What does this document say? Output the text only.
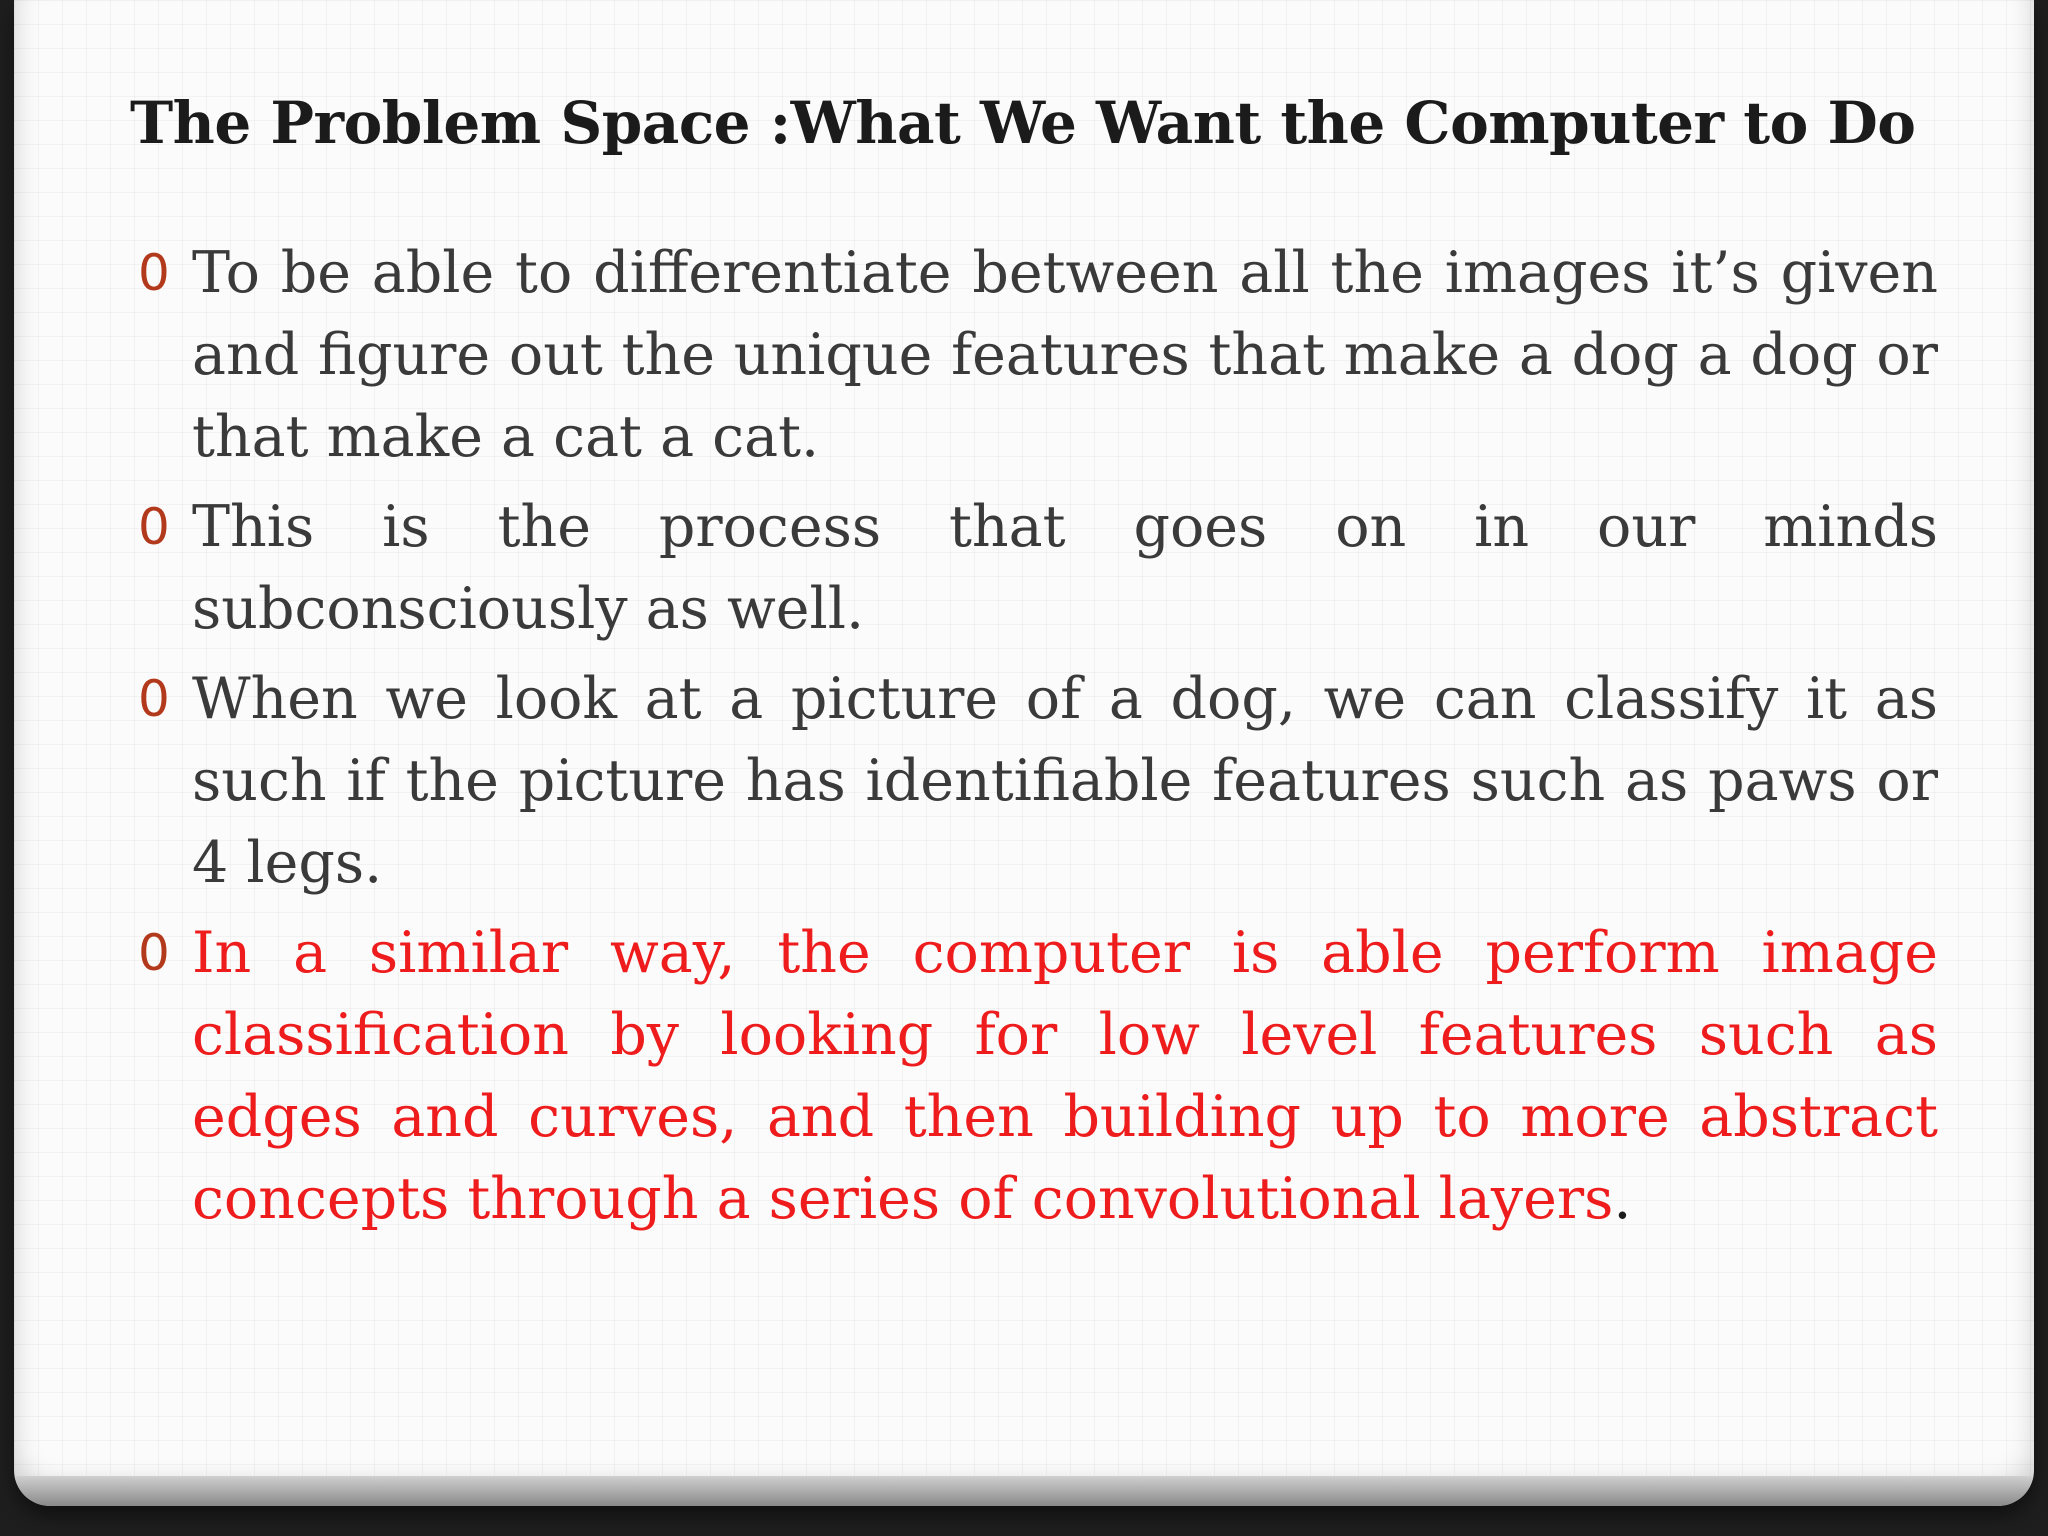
The Problem Space :What We Want the Computer to Do
0 To be able to differentiate between all the images it’s given and figure out the unique features that make a dog a dog or that make a cat a cat.
0 This is the process that goes on in our minds subconsciously as well.
0 When we look at a picture of a dog, we can classify it as such if the picture has identifiable features such as paws or 4 legs.
0 In a similar way, the computer is able perform image classification by looking for low level features such as edges and curves, and then building up to more abstract concepts through a series of convolutional layers.
